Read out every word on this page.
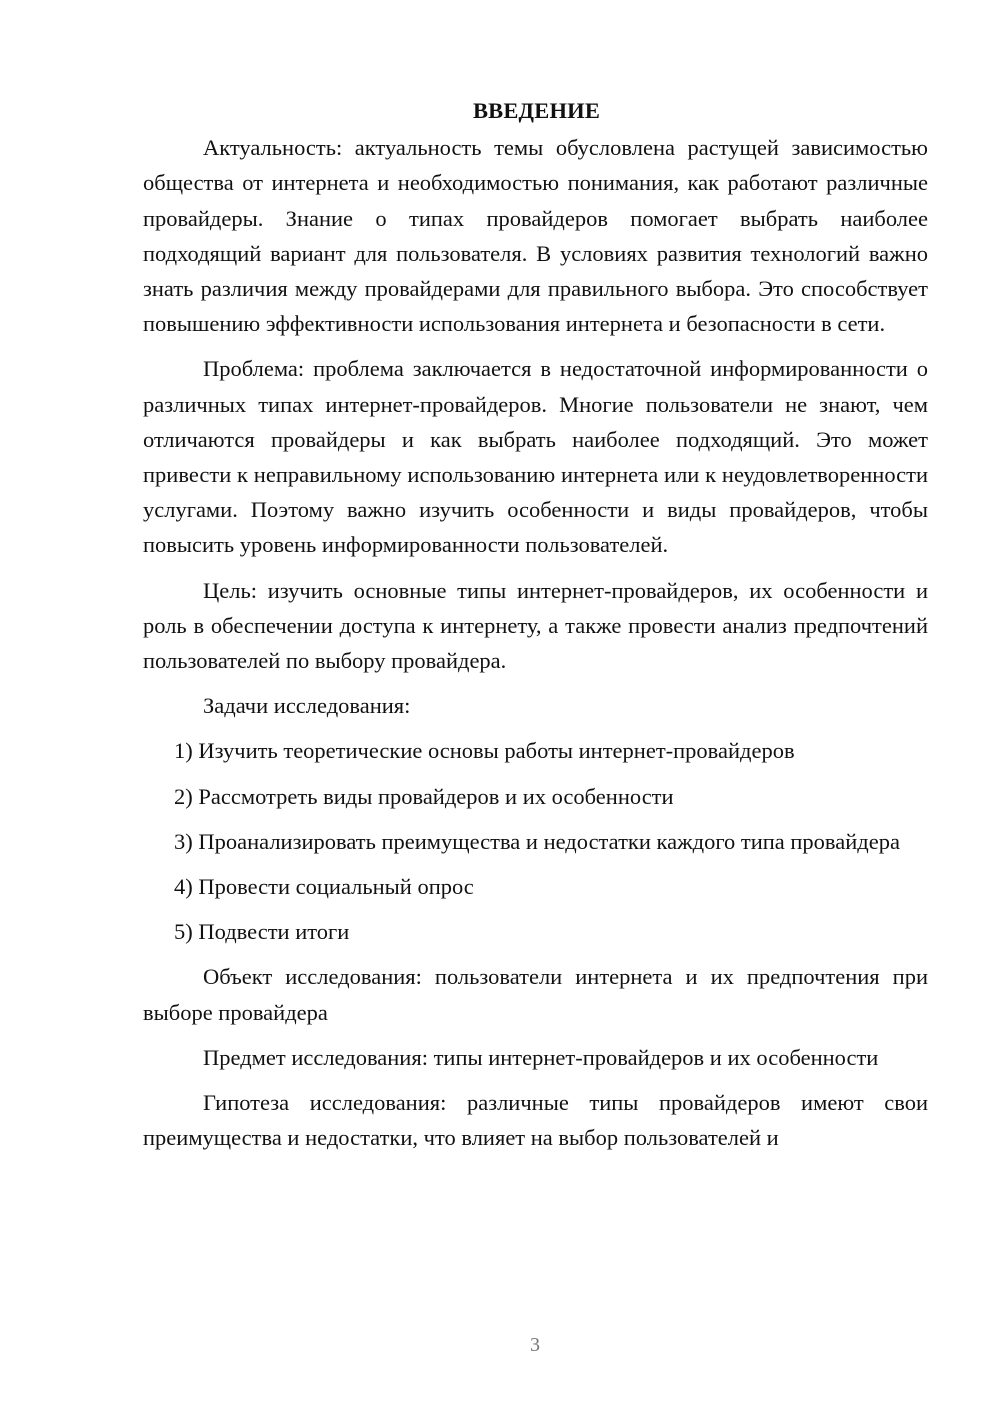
ВВЕДЕНИЕ

Актуальность: актуальность темы обусловлена растущей зависимостью общества от интернета и необходимостью понимания, как работают различные провайдеры. Знание о типах провайдеров помогает выбрать наиболее подходящий вариант для пользователя. В условиях развития технологий важно знать различия между провайдерами для правильного выбора. Это способствует повышению эффективности использования интернета и безопасности в сети.

Проблема: проблема заключается в недостаточной информированности о различных типах интернет-провайдеров. Многие пользователи не знают, чем отличаются провайдеры и как выбрать наиболее подходящий. Это может привести к неправильному использованию интернета или к неудовлетворенности услугами. Поэтому важно изучить особенности и виды провайдеров, чтобы повысить уровень информированности пользователей.

Цель: изучить основные типы интернет-провайдеров, их особенности и роль в обеспечении доступа к интернету, а также провести анализ предпочтений пользователей по выбору провайдера.

Задачи исследования:

1) Изучить теоретические основы работы интернет-провайдеров

2) Рассмотреть виды провайдеров и их особенности

3) Проанализировать преимущества и недостатки каждого типа провайдера

4) Провести социальный опрос

5) Подвести итоги

Объект исследования: пользователи интернета и их предпочтения при выборе провайдера

Предмет исследования: типы интернет-провайдеров и их особенности

Гипотеза исследования: различные типы провайдеров имеют свои преимущества и недостатки, что влияет на выбор пользователей и

3
